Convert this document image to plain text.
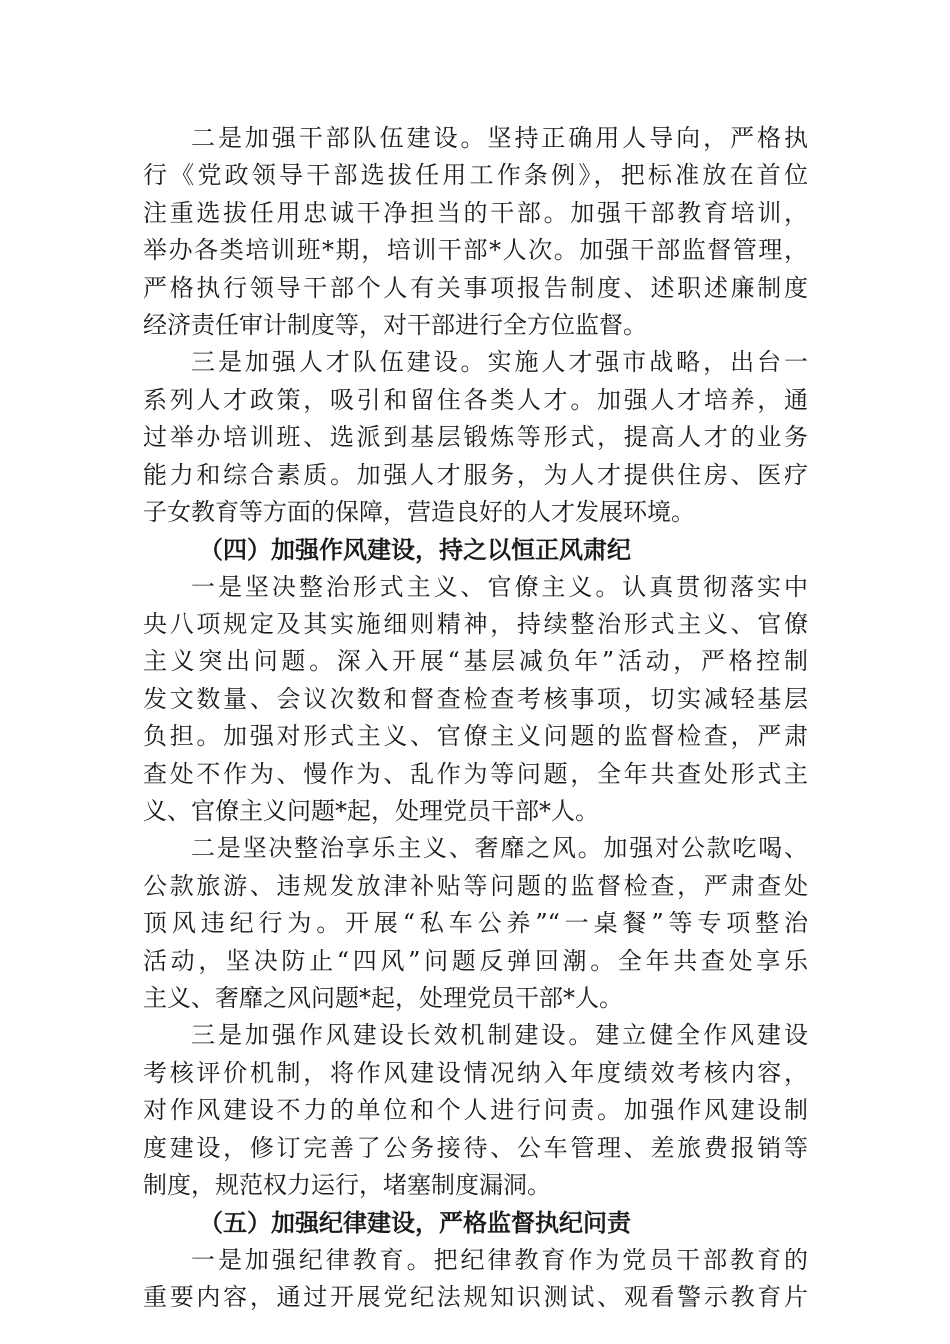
二是加强干部队伍建设。坚持正确用人导向，严格执
行《党政领导干部选拔任用工作条例》，把标准放在首位
注重选拔任用忠诚干净担当的干部。加强干部教育培训，
举办各类培训班*期，培训干部*人次。加强干部监督管理，
严格执行领导干部个人有关事项报告制度、述职述廉制度
经济责任审计制度等，对干部进行全方位监督。
三是加强人才队伍建设。实施人才强市战略，出台一
系列人才政策，吸引和留住各类人才。加强人才培养，通
过举办培训班、选派到基层锻炼等形式，提高人才的业务
能力和综合素质。加强人才服务，为人才提供住房、医疗
子女教育等方面的保障，营造良好的人才发展环境。
（四）加强作风建设，持之以恒正风肃纪
一是坚决整治形式主义、官僚主义。认真贯彻落实中
央八项规定及其实施细则精神，持续整治形式主义、官僚
主义突出问题。深入开展“基层减负年”活动，严格控制
发文数量、会议次数和督查检查考核事项，切实减轻基层
负担。加强对形式主义、官僚主义问题的监督检查，严肃
查处不作为、慢作为、乱作为等问题，全年共查处形式主
义、官僚主义问题*起，处理党员干部*人。
二是坚决整治享乐主义、奢靡之风。加强对公款吃喝、
公款旅游、违规发放津补贴等问题的监督检查，严肃查处
顶风违纪行为。开展“私车公养”“一桌餐”等专项整治
活动，坚决防止“四风”问题反弹回潮。全年共查处享乐
主义、奢靡之风问题*起，处理党员干部*人。
三是加强作风建设长效机制建设。建立健全作风建设
考核评价机制，将作风建设情况纳入年度绩效考核内容，
对作风建设不力的单位和个人进行问责。加强作风建设制
度建设，修订完善了公务接待、公车管理、差旅费报销等
制度，规范权力运行，堵塞制度漏洞。
（五）加强纪律建设，严格监督执纪问责
一是加强纪律教育。把纪律教育作为党员干部教育的
重要内容，通过开展党纪法规知识测试、观看警示教育片
